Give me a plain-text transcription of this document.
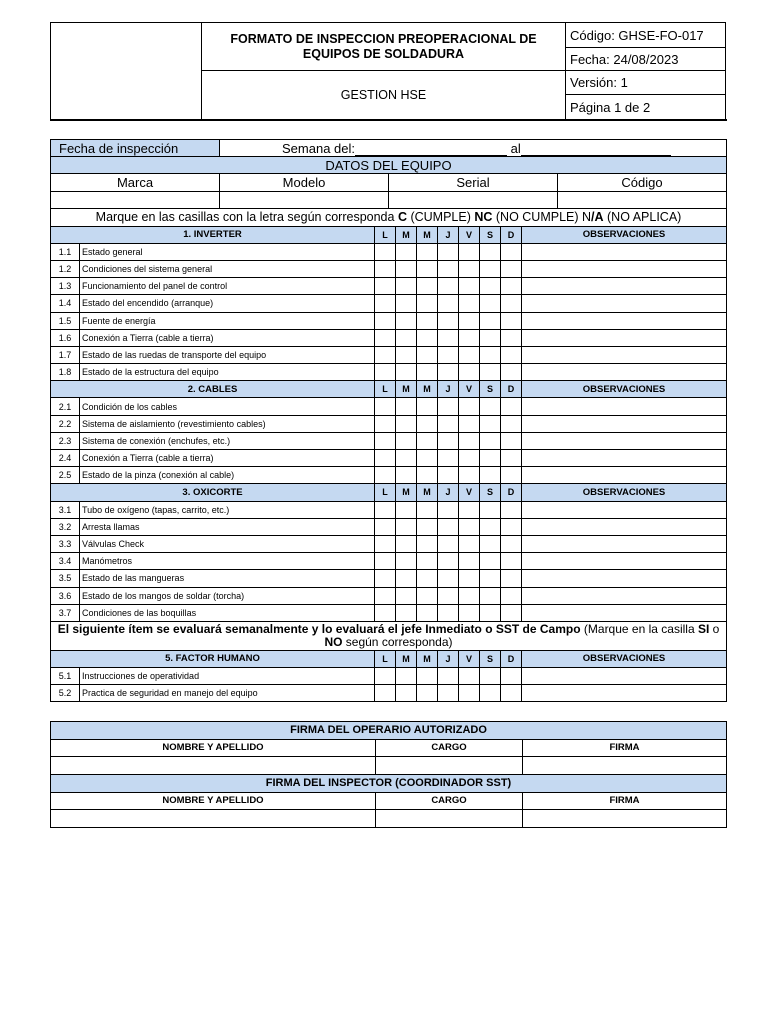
	FORMATO DE INSPECCION PREOPERACIONAL DE EQUIPOS DE SOLDADURA	Código: GHSE-FO-017
		Fecha: 24/08/2023
	GESTION HSE	Versión: 1
		Página 1 de 2
Fecha de inspección		Semana del: al								
DATOS DEL EQUIPO										

Marca Modelo Serial Código										

Marque en las casillas con la letra según corresponda C (CUMPLE) NC (NO CUMPLE) N/A (NO APLICA)										
1. INVERTER			L	M	M	J	V	S	D	OBSERVACIONES
1.1	Estado general									
1.2	Condiciones del sistema general									
1.3	Funcionamiento del panel de control									
1.4	Estado del encendido (arranque)									
1.5	Fuente de energía									
1.6	Conexión a Tierra (cable a tierra)									
1.7	Estado de las ruedas de transporte del equipo									
1.8	Estado de la estructura del equipo									
2. CABLES			L	M	M	J	V	S	D	OBSERVACIONES
2.1	Condición de los cables									
2.2	Sistema de aislamiento (revestimiento cables)									
2.3	Sistema de conexión (enchufes, etc.)									
2.4	Conexión a Tierra (cable a tierra)									
2.5	Estado de la pinza (conexión al cable)									
3. OXICORTE			L	M	M	J	V	S	D	OBSERVACIONES
3.1	Tubo de oxígeno (tapas, carrito, etc.)									
3.2	Arresta llamas									
3.3	Válvulas Check									
3.4	Manómetros									
3.5	Estado de las mangueras									
3.6	Estado de los mangos de soldar (torcha)									
3.7	Condiciones de las boquillas									
El siguiente ítem se evaluará semanalmente y lo evaluará el jefe Inmediato o SST de Campo (Marque en la casilla SI o NO según corresponda)										
5. FACTOR HUMANO			L	M	M	J	V	S	D	OBSERVACIONES
5.1	Instrucciones de operatividad									
5.2	Practica de seguridad en manejo del equipo									
FIRMA DEL OPERARIO AUTORIZADO		
NOMBRE Y APELLIDO	CARGO	FIRMA

FIRMA DEL INSPECTOR (COORDINADOR SST)		
NOMBRE Y APELLIDO	CARGO	FIRMA
